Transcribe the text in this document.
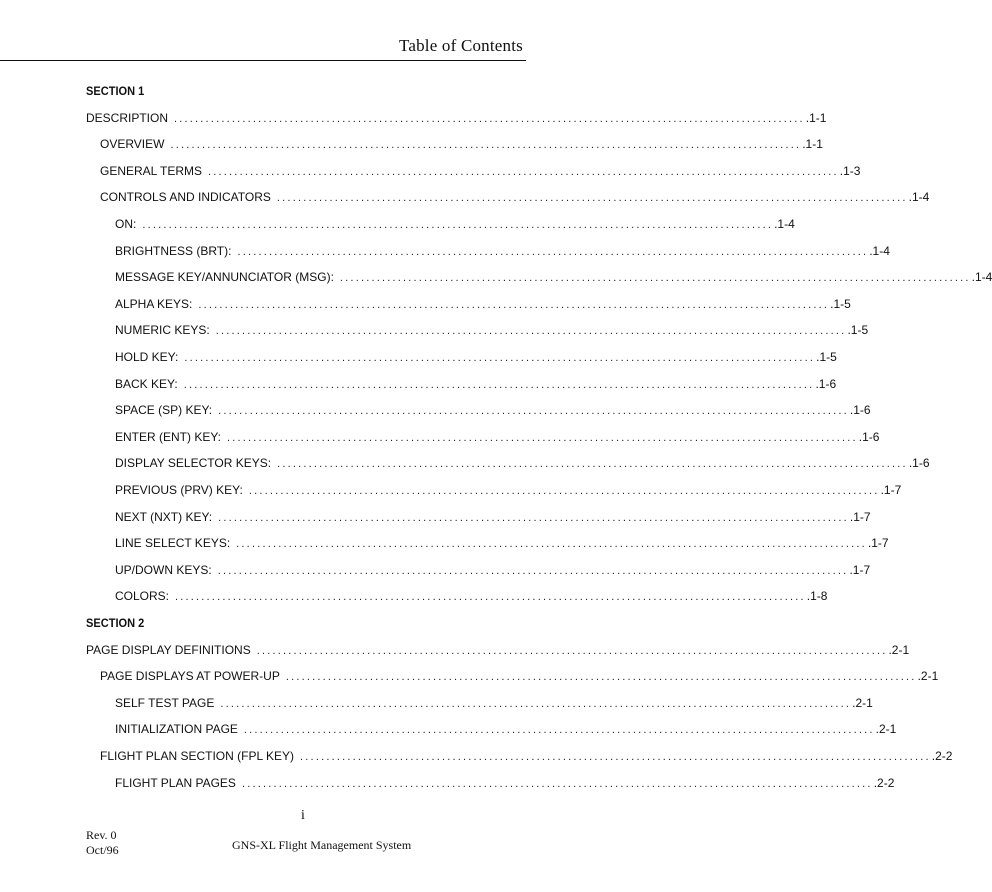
Table of Contents
SECTION 1
DESCRIPTION ........................................................................................................................ .1-1
OVERVIEW ........................................................................................................................ .1-1
GENERAL TERMS ........................................................................................................................ .1-3
CONTROLS AND INDICATORS ........................................................................................................................ .1-4
ON: ........................................................................................................................ .1-4
BRIGHTNESS (BRT): ........................................................................................................................ .1-4
MESSAGE KEY/ANNUNCIATOR (MSG): ........................................................................................................................ .1-4
ALPHA KEYS: ........................................................................................................................ .1-5
NUMERIC KEYS: ........................................................................................................................ .1-5
HOLD KEY: ........................................................................................................................ .1-5
BACK KEY: ........................................................................................................................ .1-6
SPACE (SP) KEY: ........................................................................................................................ .1-6
ENTER (ENT) KEY: ........................................................................................................................ .1-6
DISPLAY SELECTOR KEYS: ........................................................................................................................ .1-6
PREVIOUS (PRV) KEY: ........................................................................................................................ .1-7
NEXT (NXT) KEY: ........................................................................................................................ .1-7
LINE SELECT KEYS: ........................................................................................................................ .1-7
UP/DOWN KEYS: ........................................................................................................................ .1-7
COLORS: ........................................................................................................................ .1-8
SECTION 2
PAGE DISPLAY DEFINITIONS ........................................................................................................................ .2-1
PAGE DISPLAYS AT POWER-UP ........................................................................................................................ .2-1
SELF TEST PAGE ........................................................................................................................ .2-1
INITIALIZATION PAGE ........................................................................................................................ .2-1
FLIGHT PLAN SECTION (FPL KEY) ........................................................................................................................ .2-2
FLIGHT PLAN PAGES ........................................................................................................................ .2-2
i
Rev. 0
Oct/96	GNS-XL Flight Management System
